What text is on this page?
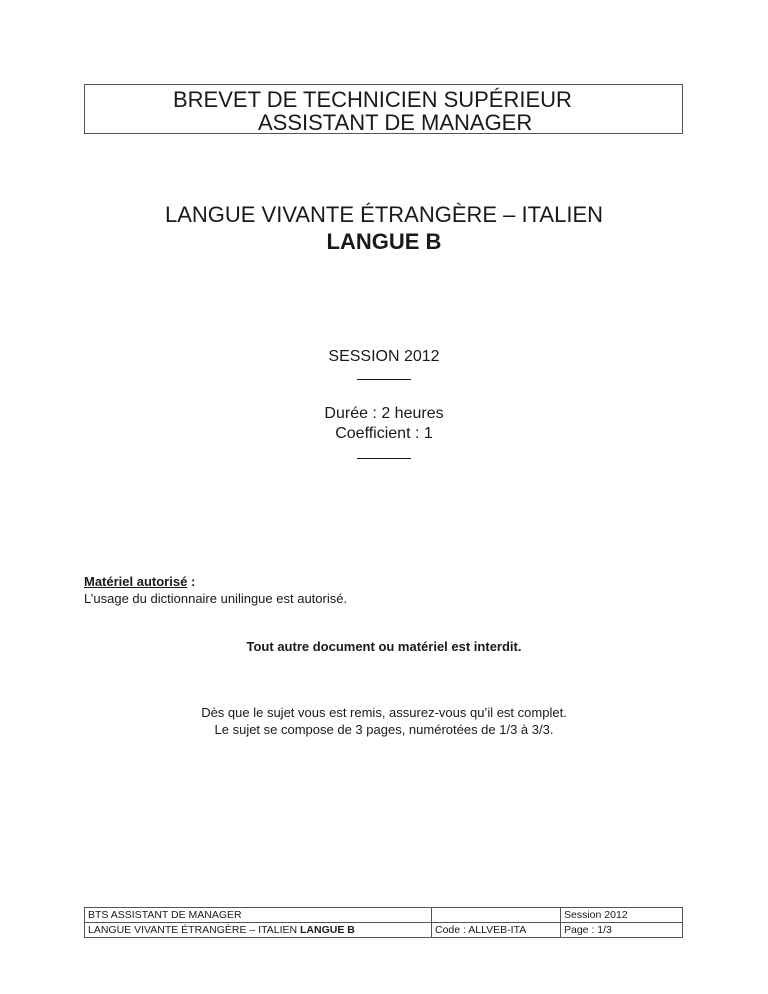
BREVET DE TECHNICIEN SUPÉRIEUR
ASSISTANT DE MANAGER
LANGUE VIVANTE ÉTRANGÈRE – ITALIEN
LANGUE B
SESSION 2012
Durée : 2 heures
Coefficient : 1
Matériel autorisé :
L’usage du dictionnaire unilingue est autorisé.
Tout autre document ou matériel est interdit.
Dès que le sujet vous est remis, assurez-vous qu’il est complet.
Le sujet se compose de 3 pages, numérotées de 1/3 à 3/3.
BTS ASSISTANT DE MANAGER		Session 2012
LANGUE VIVANTE ÉTRANGÈRE – ITALIEN LANGUE B	Code : ALLVEB-ITA	Page : 1/3
